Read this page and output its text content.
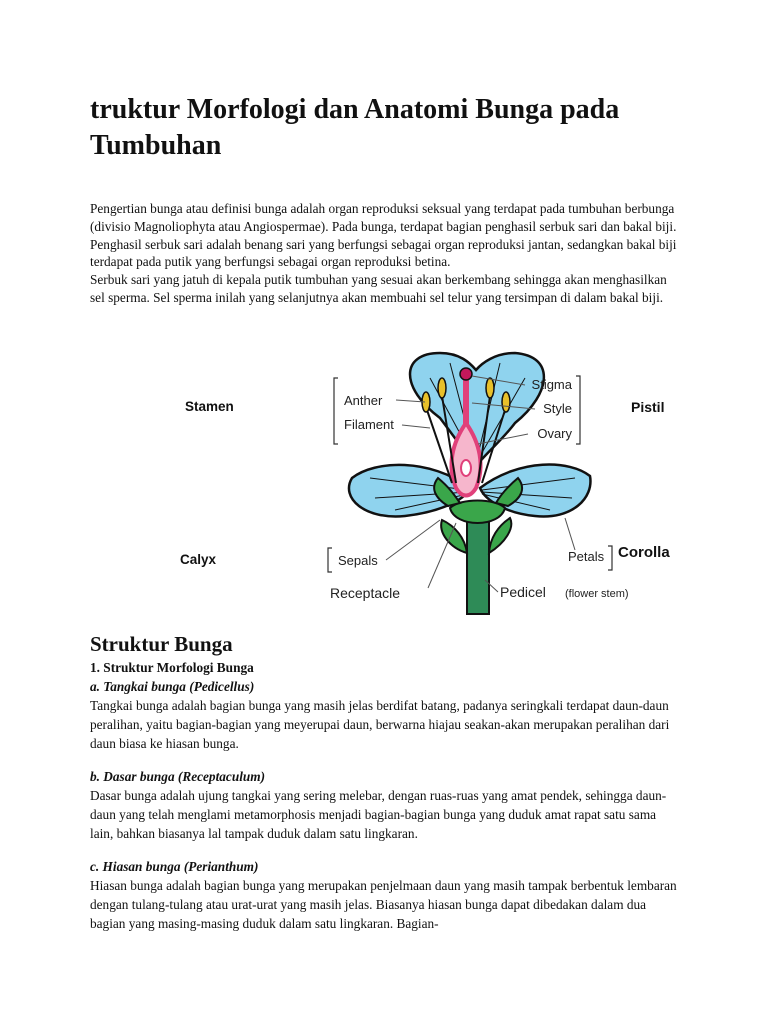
truktur Morfologi dan Anatomi Bunga pada Tumbuhan

Pengertian bunga atau definisi bunga adalah organ reproduksi seksual yang terdapat pada tumbuhan berbunga (divisio Magnoliophyta atau Angiospermae). Pada bunga, terdapat bagian penghasil serbuk sari dan bakal biji. Penghasil serbuk sari adalah benang sari yang berfungsi sebagai organ reproduksi jantan, sedangkan bakal biji terdapat pada putik yang berfungsi sebagai organ reproduksi betina.

Serbuk sari yang jatuh di kepala putik tumbuhan yang sesuai akan berkembang sehingga akan menghasilkan sel sperma. Sel sperma inilah yang selanjutnya akan membuahi sel telur yang tersimpan di dalam bakal biji.

Stamen	Anther
Filament
Stigma
Style
Ovary
Calyx	Sepals
Receptacle	Pedicel (flower stem)
Petals Corolla
Pistil
Struktur Bunga

1. Struktur Morfologi Bunga

a. Tangkai bunga (Pedicellus)

Tangkai bunga adalah bagian bunga yang masih jelas berdifat batang, padanya seringkali terdapat daun-daun peralihan, yaitu bagian-bagian yang meyerupai daun, berwarna hiajau seakan-akan merupakan peralihan dari daun biasa ke hiasan bunga.

b. Dasar bunga (Receptaculum)

Dasar bunga adalah ujung tangkai yang sering melebar, dengan ruas-ruas yang amat pendek, sehingga daun-daun yang telah menglami metamorphosis menjadi bagian-bagian bunga yang duduk amat rapat satu sama lain, bahkan biasanya lal tampak duduk dalam satu lingkaran.

c. Hiasan bunga (Perianthum)

Hiasan bunga adalah bagian bunga yang merupakan penjelmaan daun yang masih tampak berbentuk lembaran dengan tulang-tulang atau urat-urat yang masih jelas. Biasanya hiasan bunga dapat dibedakan dalam dua bagian yang masing-masing duduk dalam satu lingkaran. Bagian-
